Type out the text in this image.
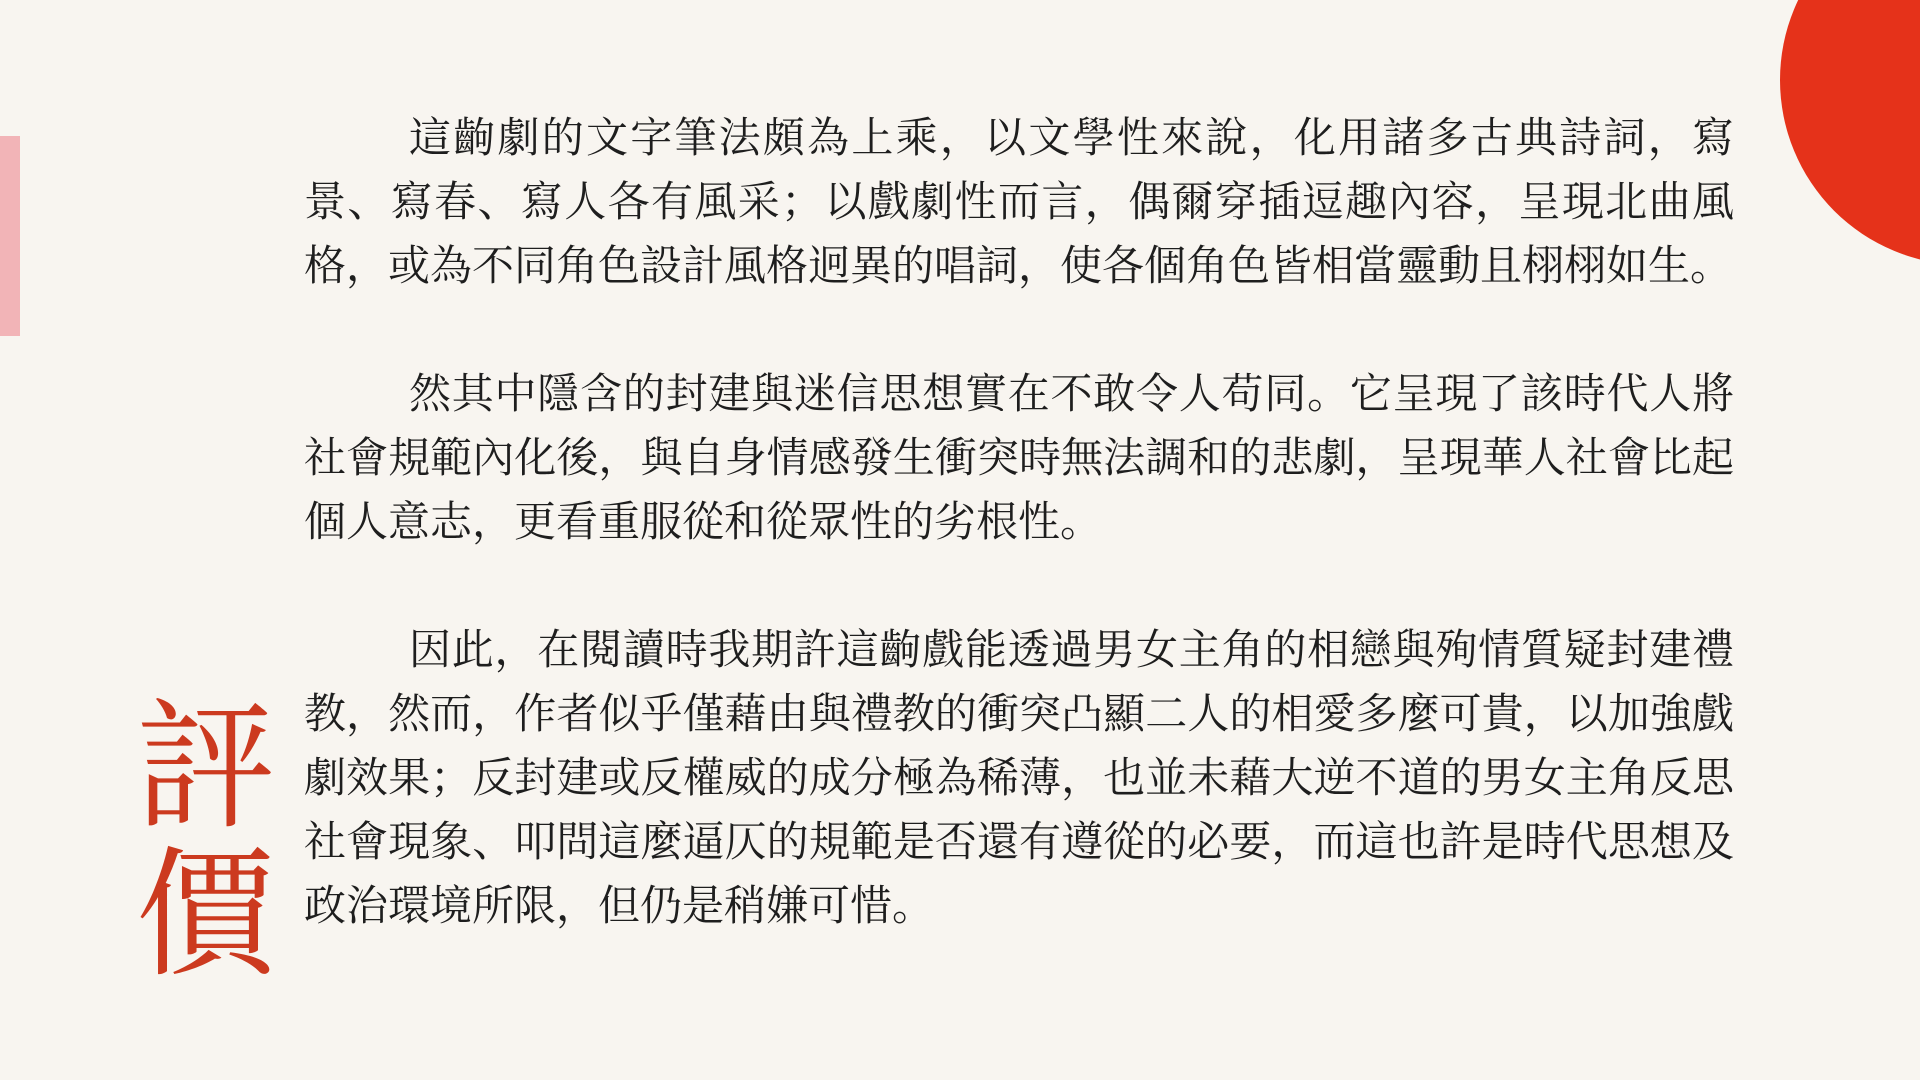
評價

這齣劇的文字筆法頗為上乘，以文學性來說，化用諸多古典詩詞，寫景、寫春、寫人各有風采；以戲劇性而言，偶爾穿插逗趣內容，呈現北曲風格，或為不同角色設計風格迥異的唱詞，使各個角色皆相當靈動且栩栩如生。

然其中隱含的封建與迷信思想實在不敢令人苟同。它呈現了該時代人將社會規範內化後，與自身情感發生衝突時無法調和的悲劇，呈現華人社會比起個人意志，更看重服從和從眾性的劣根性。

因此，在閱讀時我期許這齣戲能透過男女主角的相戀與殉情質疑封建禮教，然而，作者似乎僅藉由與禮教的衝突凸顯二人的相愛多麼可貴，以加強戲劇效果；反封建或反權威的成分極為稀薄，也並未藉大逆不道的男女主角反思社會現象、叩問這麼逼仄的規範是否還有遵從的必要，而這也許是時代思想及政治環境所限，但仍是稍嫌可惜。
